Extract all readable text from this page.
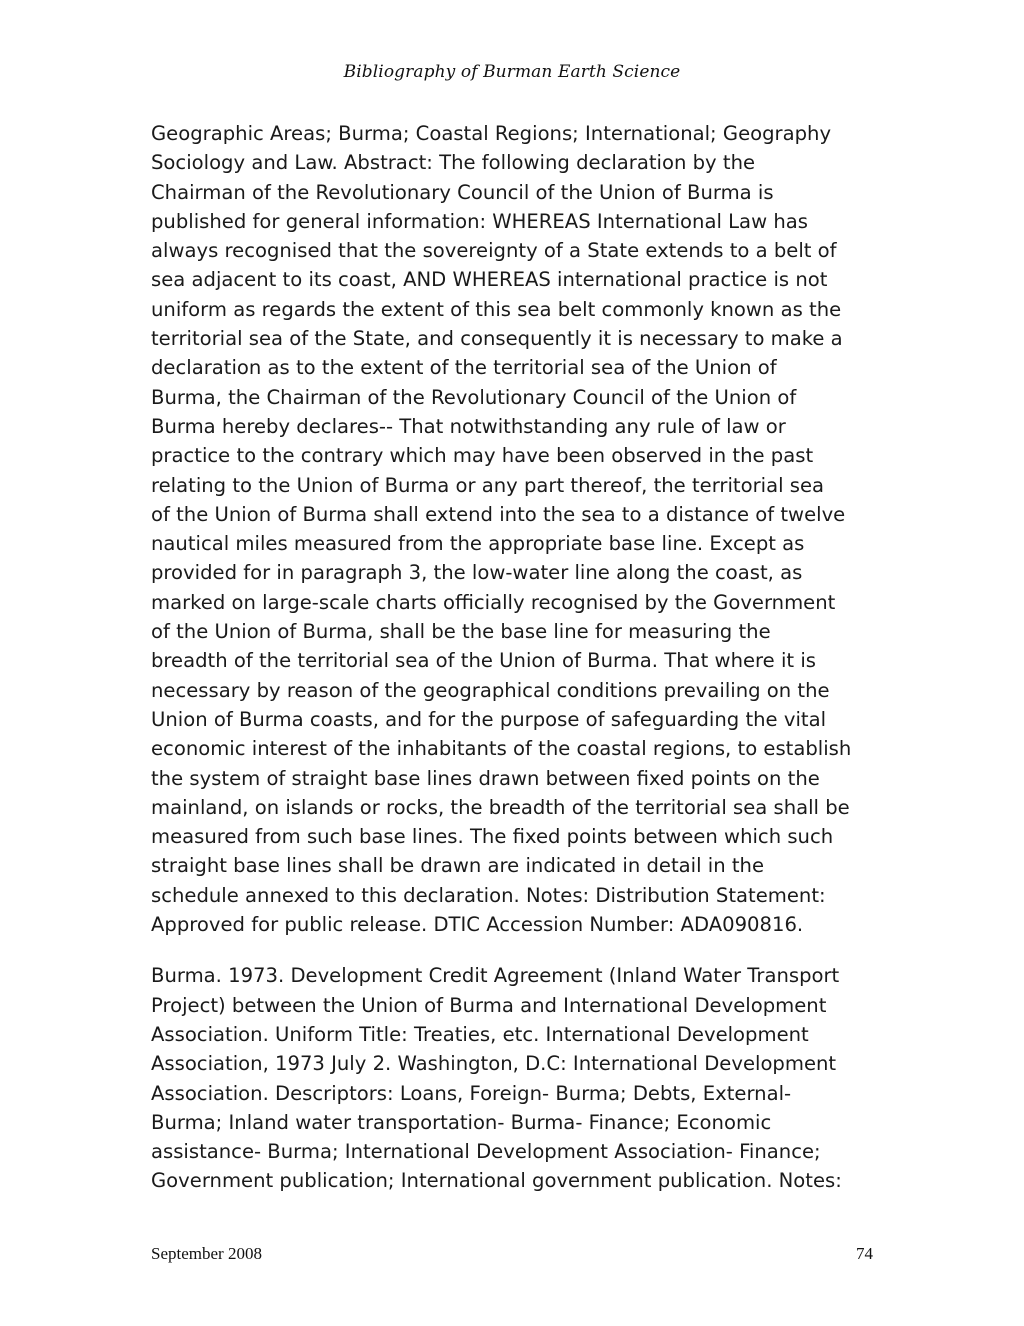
Bibliography of Burman Earth Science
Geographic Areas; Burma; Coastal Regions; International; Geography
Sociology and Law. Abstract: The following declaration by the
Chairman of the Revolutionary Council of the Union of Burma is
published for general information: WHEREAS International Law has
always recognised that the sovereignty of a State extends to a belt of
sea adjacent to its coast, AND WHEREAS international practice is not
uniform as regards the extent of this sea belt commonly known as the
territorial sea of the State, and consequently it is necessary to make a
declaration as to the extent of the territorial sea of the Union of
Burma, the Chairman of the Revolutionary Council of the Union of
Burma hereby declares-- That notwithstanding any rule of law or
practice to the contrary which may have been observed in the past
relating to the Union of Burma or any part thereof, the territorial sea
of the Union of Burma shall extend into the sea to a distance of twelve
nautical miles measured from the appropriate base line. Except as
provided for in paragraph 3, the low-water line along the coast, as
marked on large-scale charts officially recognised by the Government
of the Union of Burma, shall be the base line for measuring the
breadth of the territorial sea of the Union of Burma. That where it is
necessary by reason of the geographical conditions prevailing on the
Union of Burma coasts, and for the purpose of safeguarding the vital
economic interest of the inhabitants of the coastal regions, to establish
the system of straight base lines drawn between fixed points on the
mainland, on islands or rocks, the breadth of the territorial sea shall be
measured from such base lines. The fixed points between which such
straight base lines shall be drawn are indicated in detail in the
schedule annexed to this declaration. Notes: Distribution Statement:
Approved for public release. DTIC Accession Number: ADA090816.
Burma. 1973. Development Credit Agreement (Inland Water Transport
Project) between the Union of Burma and International Development
Association. Uniform Title: Treaties, etc. International Development
Association, 1973 July 2. Washington, D.C: International Development
Association. Descriptors: Loans, Foreign- Burma; Debts, External-
Burma; Inland water transportation- Burma- Finance; Economic
assistance- Burma; International Development Association- Finance;
Government publication; International government publication. Notes:
September 2008	74
